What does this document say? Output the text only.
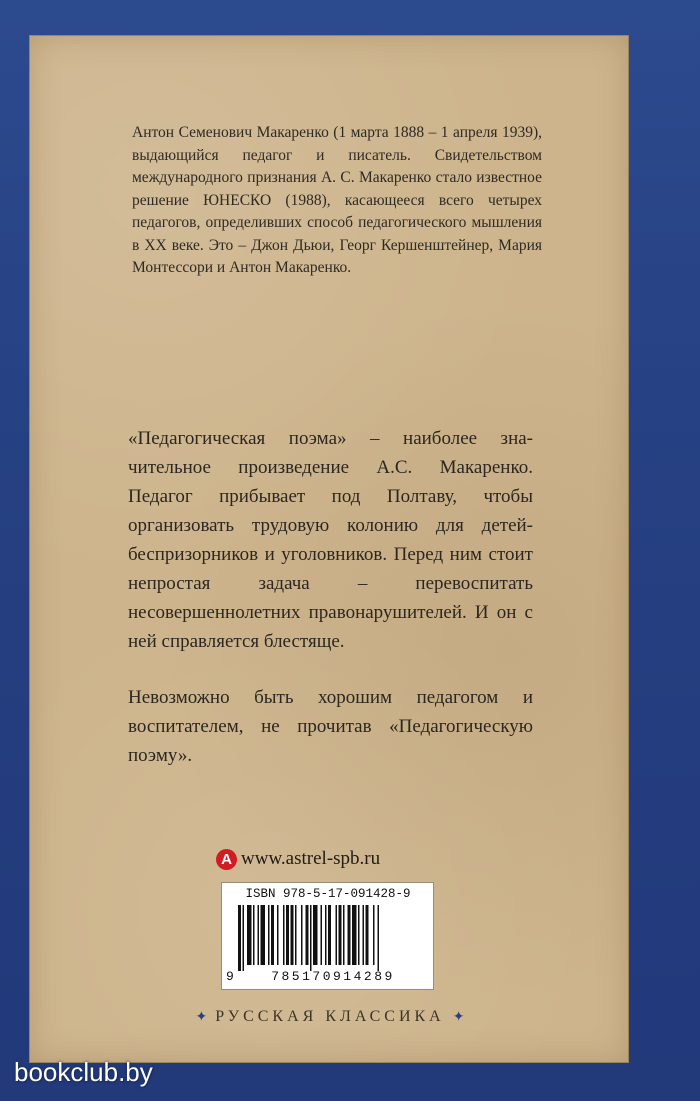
Антон Семенович Макаренко (1 марта 1888 – 1 апреля 1939), выдающийся педагог и писатель. Свидетельством международного признания А. С. Макаренко стало известное решение ЮНЕСКО (1988), касающееся всего четырех педагогов, определивших способ педагогического мышления в XX веке. Это – Джон Дьюи, Георг Кершенштейнер, Мария Монтессори и Антон Макаренко.

«Педагогическая поэма» – наиболее значительное произведение А.С. Макаренко. Педагог прибывает под Полтаву, чтобы организовать трудовую колонию для детей-беспризорников и уголовников. Перед ним стоит непростая задача – перевоспитать несовершеннолетних правонарушителей. И он с ней справляется блестяще.

Невозможно быть хорошим педагогом и воспитателем, не прочитав «Педагогическую поэму».

A www.astrel-spb.ru
ISBN 978-5-17-091428-9
9	785170914289
✦ РУССКАЯ КЛАССИКА ✦
bookclub.by
